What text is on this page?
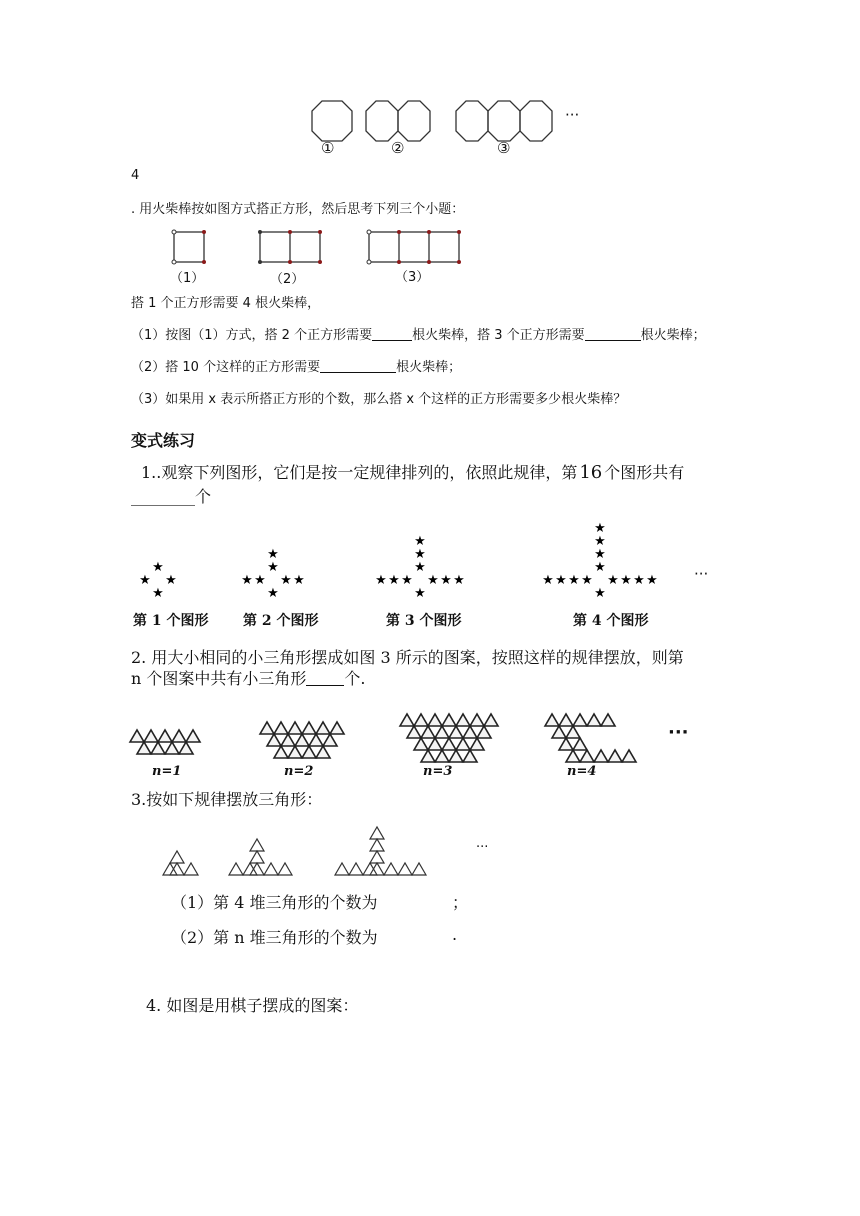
···
①	②	③
4
. 用火柴棒按如图方式搭正方形，然后思考下列三个小题：
（1）	（2）	（3）
搭 1 个正方形需要 4 根火柴棒，
（1）按图（1）方式，搭 2 个正方形需要	根火柴棒，搭 3 个正方形需要	根火柴棒；
（2）搭 10 个这样的正方形需要	根火柴棒；
（3）如果用 x 表示所搭正方形的个数，那么搭 x 个这样的正方形需要多少根火柴棒？
变式练习
1..观察下列图形，它们是按一定规律排列的，依照此规律，第 16 个图形共有
________个
★ ★
★
★
★ ★
★
★	★
★
★
★ ★
★
★	★
★
★	★
★
★
★ ★
★
★	★
★
★	★
★
★	★
★
★
第 1 个图形 第 2 个图形	第 3 个图形	第 4 个图形
···
2. 用大小相同的小三角形摆成如图 3 所示的图案，按照这样的规律摆放，则第
n 个图案中共有小三角形 个.
n=1	n=2	n=3	n=4
···
3.按如下规律摆放三角形：
···
（1）第 4 堆三角形的个数为	；
（2）第 n 堆三角形的个数为	.
4. 如图是用棋子摆成的图案：
